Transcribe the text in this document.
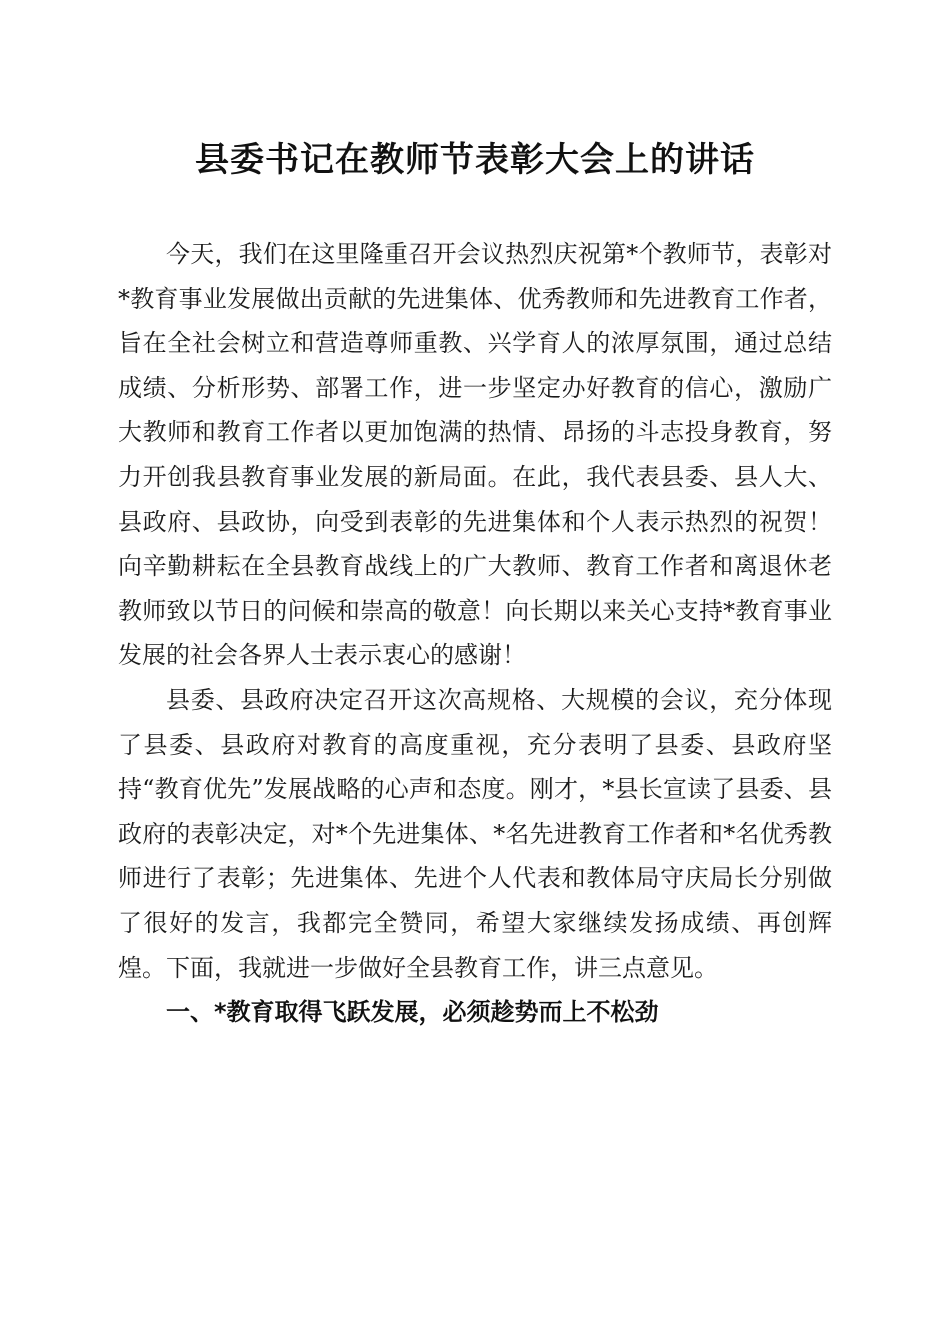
县委书记在教师节表彰大会上的讲话

今天，我们在这里隆重召开会议热烈庆祝第*个教师节，表彰对*教育事业发展做出贡献的先进集体、优秀教师和先进教育工作者，旨在全社会树立和营造尊师重教、兴学育人的浓厚氛围，通过总结成绩、分析形势、部署工作，进一步坚定办好教育的信心，激励广大教师和教育工作者以更加饱满的热情、昂扬的斗志投身教育，努力开创我县教育事业发展的新局面。在此，我代表县委、县人大、县政府、县政协，向受到表彰的先进集体和个人表示热烈的祝贺！向辛勤耕耘在全县教育战线上的广大教师、教育工作者和离退休老教师致以节日的问候和崇高的敬意！向长期以来关心支持*教育事业发展的社会各界人士表示衷心的感谢！

县委、县政府决定召开这次高规格、大规模的会议，充分体现了县委、县政府对教育的高度重视，充分表明了县委、县政府坚持“教育优先”发展战略的心声和态度。刚才，*县长宣读了县委、县政府的表彰决定，对*个先进集体、*名先进教育工作者和*名优秀教师进行了表彰；先进集体、先进个人代表和教体局守庆局长分别做了很好的发言，我都完全赞同，希望大家继续发扬成绩、再创辉煌。下面，我就进一步做好全县教育工作，讲三点意见。

一、*教育取得飞跃发展，必须趁势而上不松劲
